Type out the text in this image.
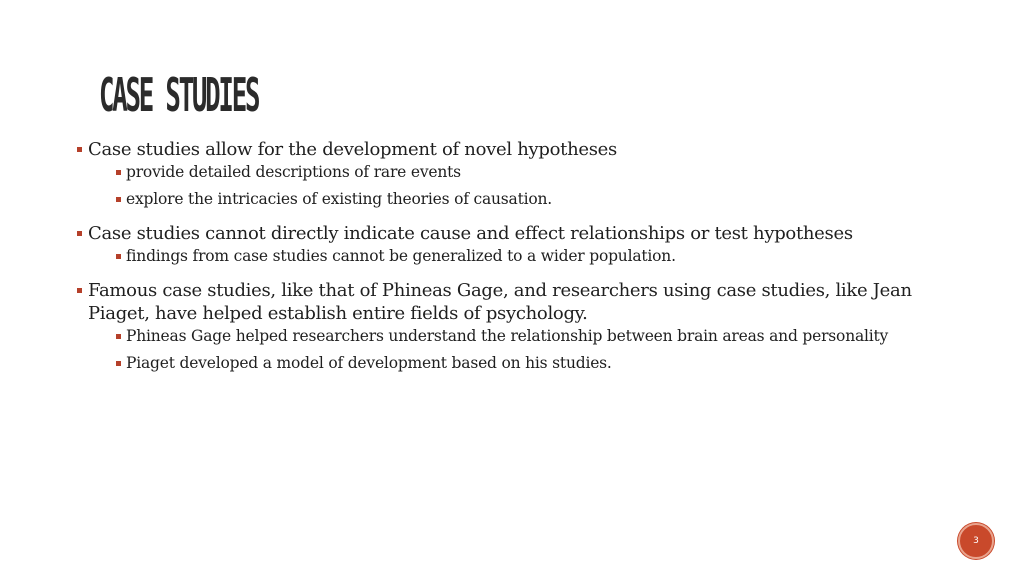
CASE STUDIES
Case studies allow for the development of novel hypotheses
provide detailed descriptions of rare events
explore the intricacies of existing theories of causation.
Case studies cannot directly indicate cause and effect relationships or test hypotheses
findings from case studies cannot be generalized to a wider population.
Famous case studies, like that of Phineas Gage, and researchers using case studies, like Jean Piaget, have helped establish entire fields of psychology.
Phineas Gage helped researchers understand the relationship between brain areas and personality
Piaget developed a model of development based on his studies.
3
